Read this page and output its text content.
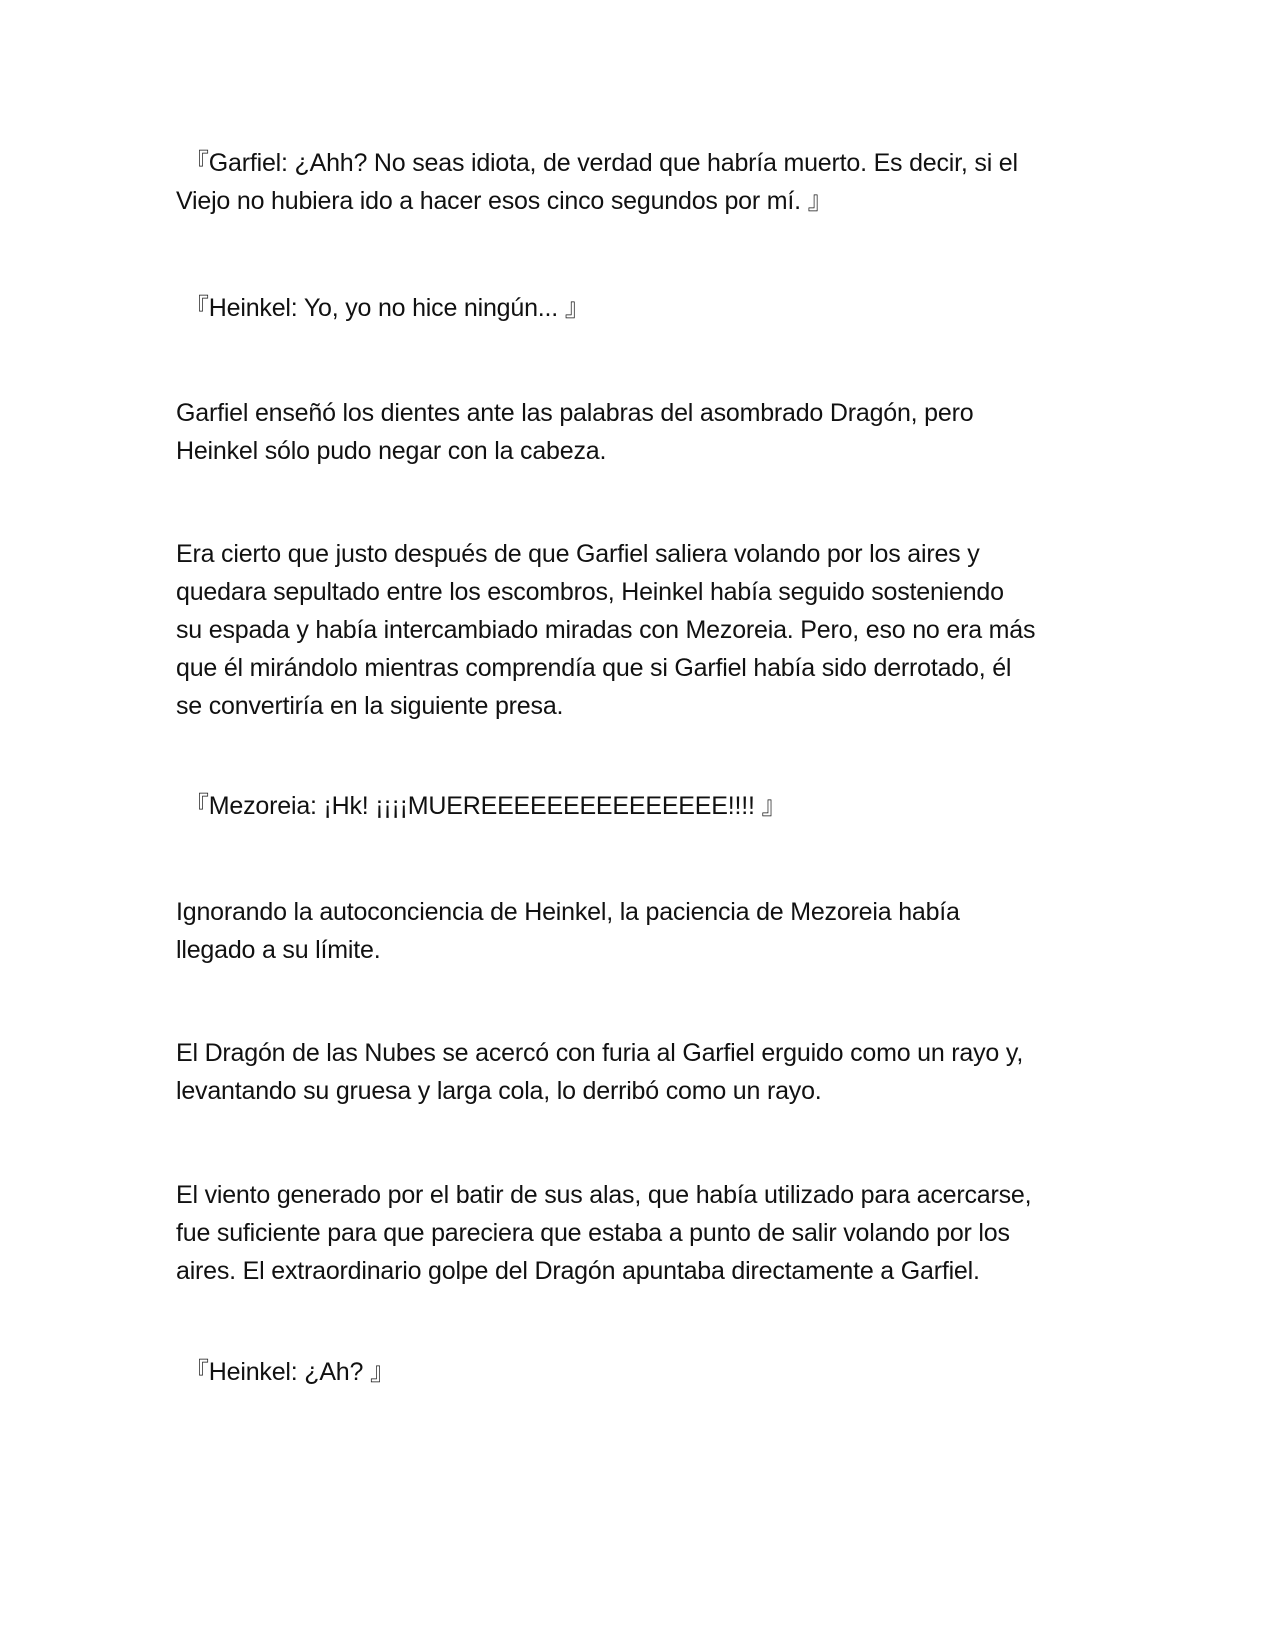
『Garfiel: ¿Ahh? No seas idiota, de verdad que habría muerto. Es decir, si el
Viejo no hubiera ido a hacer esos cinco segundos por mí. 』

『Heinkel: Yo, yo no hice ningún... 』

Garfiel enseñó los dientes ante las palabras del asombrado Dragón, pero
Heinkel sólo pudo negar con la cabeza.

Era cierto que justo después de que Garfiel saliera volando por los aires y
quedara sepultado entre los escombros, Heinkel había seguido sosteniendo
su espada y había intercambiado miradas con Mezoreia. Pero, eso no era más
que él mirándolo mientras comprendía que si Garfiel había sido derrotado, él
se convertiría en la siguiente presa.

『Mezoreia: ¡Hk! ¡¡¡¡MUEREEEEEEEEEEEEEEE!!!! 』

Ignorando la autoconciencia de Heinkel, la paciencia de Mezoreia había
llegado a su límite.

El Dragón de las Nubes se acercó con furia al Garfiel erguido como un rayo y,
levantando su gruesa y larga cola, lo derribó como un rayo.

El viento generado por el batir de sus alas, que había utilizado para acercarse,
fue suficiente para que pareciera que estaba a punto de salir volando por los
aires. El extraordinario golpe del Dragón apuntaba directamente a Garfiel.

『Heinkel: ¿Ah? 』
